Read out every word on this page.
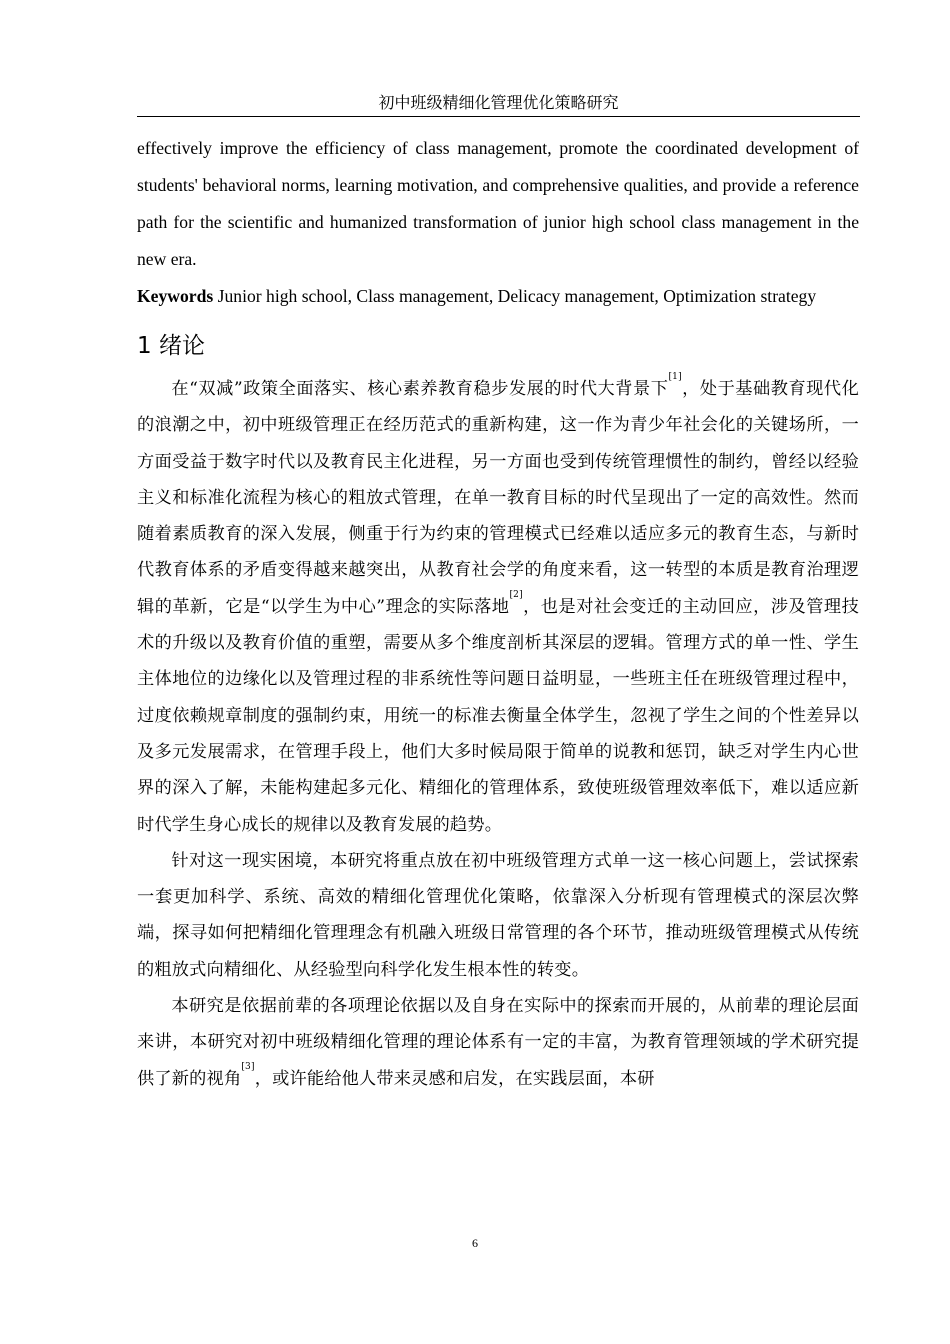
初中班级精细化管理优化策略研究

effectively improve the efficiency of class management, promote the coordinated development of students' behavioral norms, learning motivation, and comprehensive qualities, and provide a reference path for the scientific and humanized transformation of junior high school class management in the new era.

Keywords Junior high school, Class management, Delicacy management, Optimization strategy

1 绪论

在“双减”政策全面落实、核心素养教育稳步发展的时代大背景下[1]，处于基础教育现代化的浪潮之中，初中班级管理正在经历范式的重新构建，这一作为青少年社会化的关键场所，一方面受益于数字时代以及教育民主化进程，另一方面也受到传统管理惯性的制约，曾经以经验主义和标准化流程为核心的粗放式管理，在单一教育目标的时代呈现出了一定的高效性。然而随着素质教育的深入发展，侧重于行为约束的管理模式已经难以适应多元的教育生态，与新时代教育体系的矛盾变得越来越突出，从教育社会学的角度来看，这一转型的本质是教育治理逻辑的革新，它是“以学生为中心”理念的实际落地[2]，也是对社会变迁的主动回应，涉及管理技术的升级以及教育价值的重塑，需要从多个维度剖析其深层的逻辑。管理方式的单一性、学生主体地位的边缘化以及管理过程的非系统性等问题日益明显，一些班主任在班级管理过程中，过度依赖规章制度的强制约束，用统一的标准去衡量全体学生，忽视了学生之间的个性差异以及多元发展需求，在管理手段上，他们大多时候局限于简单的说教和惩罚，缺乏对学生内心世界的深入了解，未能构建起多元化、精细化的管理体系，致使班级管理效率低下，难以适应新时代学生身心成长的规律以及教育发展的趋势。

针对这一现实困境，本研究将重点放在初中班级管理方式单一这一核心问题上，尝试探索一套更加科学、系统、高效的精细化管理优化策略，依靠深入分析现有管理模式的深层次弊端，探寻如何把精细化管理理念有机融入班级日常管理的各个环节，推动班级管理模式从传统的粗放式向精细化、从经验型向科学化发生根本性的转变。

本研究是依据前辈的各项理论依据以及自身在实际中的探索而开展的，从前辈的理论层面来讲，本研究对初中班级精细化管理的理论体系有一定的丰富，为教育管理领域的学术研究提供了新的视角[3]，或许能给他人带来灵感和启发，在实践层面，本研

6
